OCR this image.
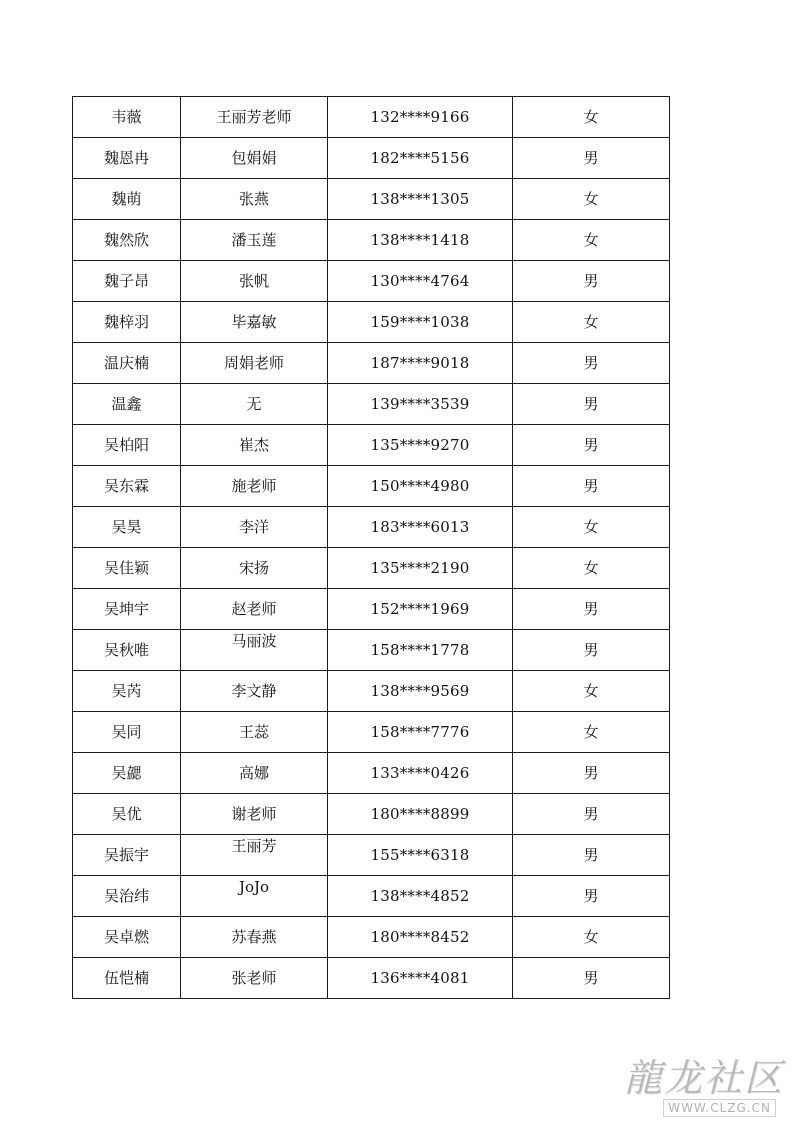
韦薇	王丽芳老师	132****9166	女
魏恩冉	包娟娟	182****5156	男
魏萌	张燕	138****1305	女
魏然欣	潘玉莲	138****1418	女
魏子昂	张帆	130****4764	男
魏梓羽	毕嘉敏	159****1038	女
温庆楠	周娟老师	187****9018	男
温鑫	无	139****3539	男
吴柏阳	崔杰	135****9270	男
吴东霖	施老师	150****4980	男
吴昊	李洋	183****6013	女
吴佳颖	宋扬	135****2190	女
吴坤宇	赵老师	152****1969	男
吴秋唯	马丽波	158****1778	男
吴芮	李文静	138****9569	女
吴同	王蕊	158****7776	女
吴勰	高娜	133****0426	男
吴优	谢老师	180****8899	男
吴振宇	王丽芳	155****6318	男
吴治纬	JoJo	138****4852	男
吴卓燃	苏春燕	180****8452	女
伍恺楠	张老师	136****4081	男
龍龙社区
WWW.CLZG.CN
